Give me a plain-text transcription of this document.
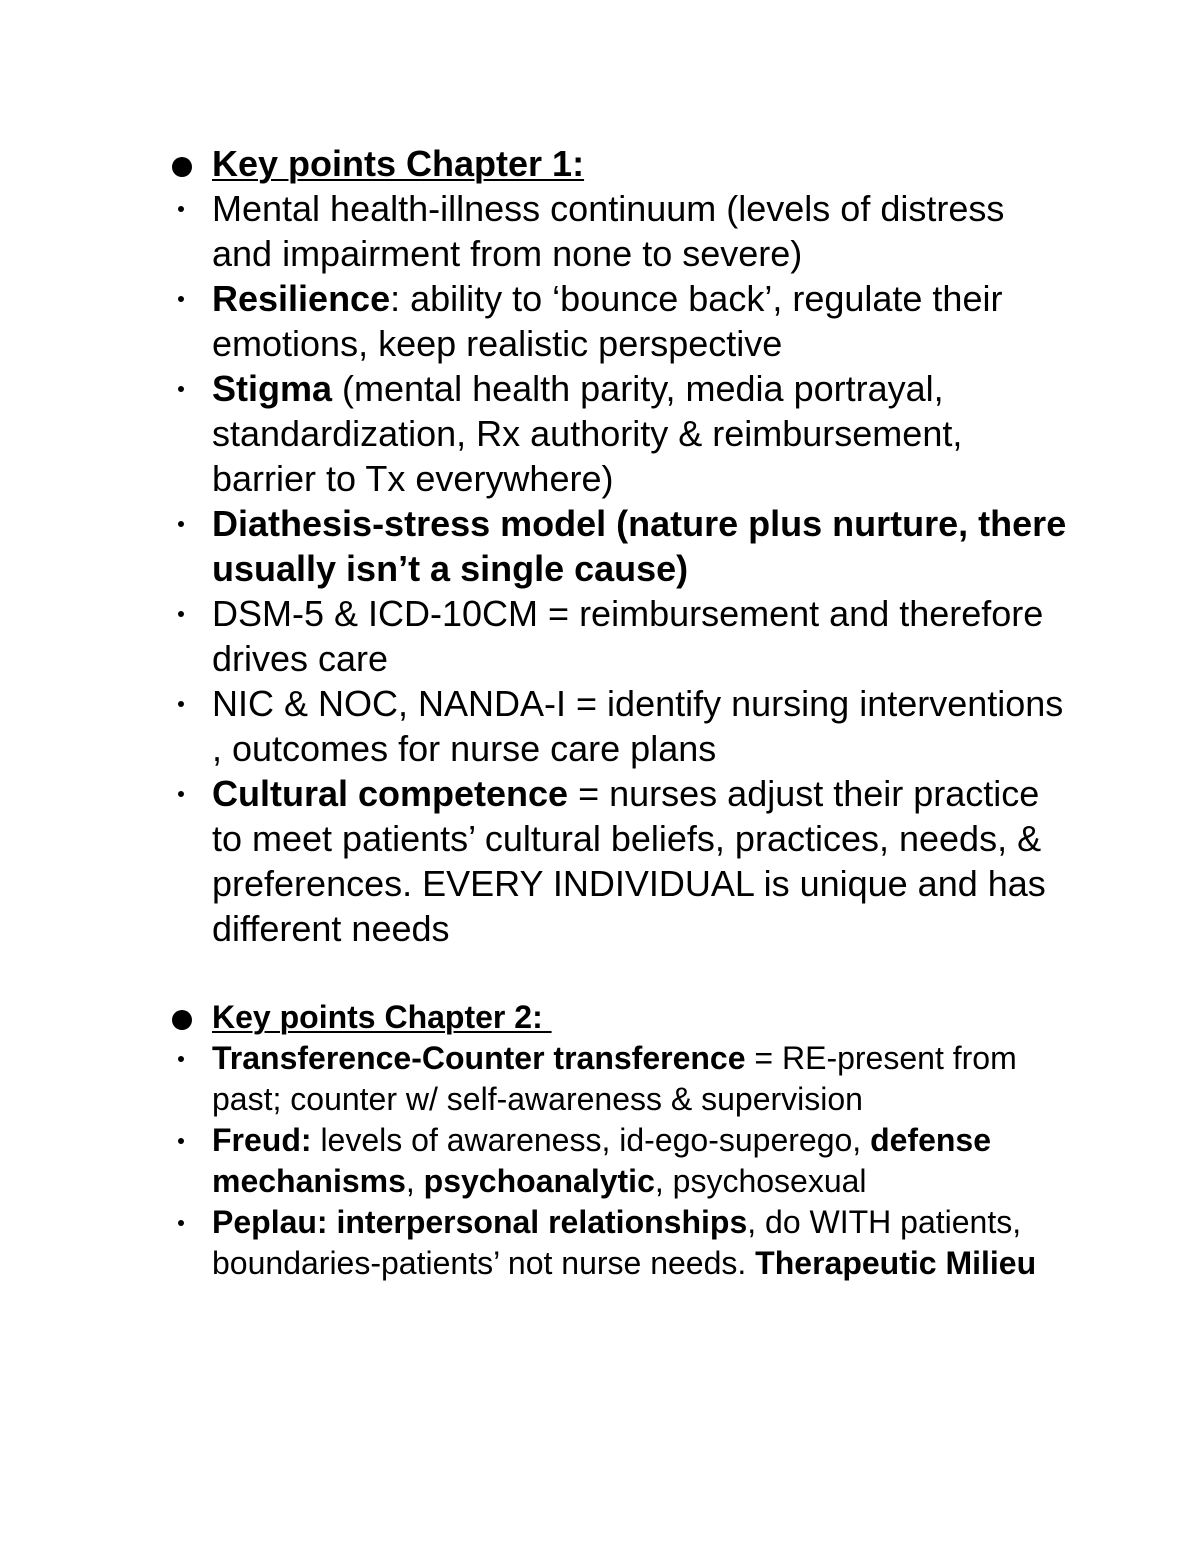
Key points Chapter 1:

Mental health-illness continuum (levels of distress and impairment from none to severe)
Resilience: ability to ‘bounce back’, regulate their emotions, keep realistic perspective
Stigma (mental health parity, media portrayal, standardization, Rx authority & reimbursement, barrier to Tx everywhere)
Diathesis-stress model (nature plus nurture, there usually isn’t a single cause)
DSM-5 & ICD-10CM = reimbursement and therefore drives care
NIC & NOC, NANDA-I = identify nursing interventions , outcomes for nurse care plans
Cultural competence = nurses adjust their practice to meet patients’ cultural beliefs, practices, needs, & preferences. EVERY INDIVIDUAL is unique and has different needs

Key points Chapter 2:

Transference-Counter transference = RE-present from past; counter w/ self-awareness & supervision
Freud: levels of awareness, id-ego-superego, defense mechanisms, psychoanalytic, psychosexual
Peplau: interpersonal relationships, do WITH patients, boundaries-patients’ not nurse needs. Therapeutic Milieu
